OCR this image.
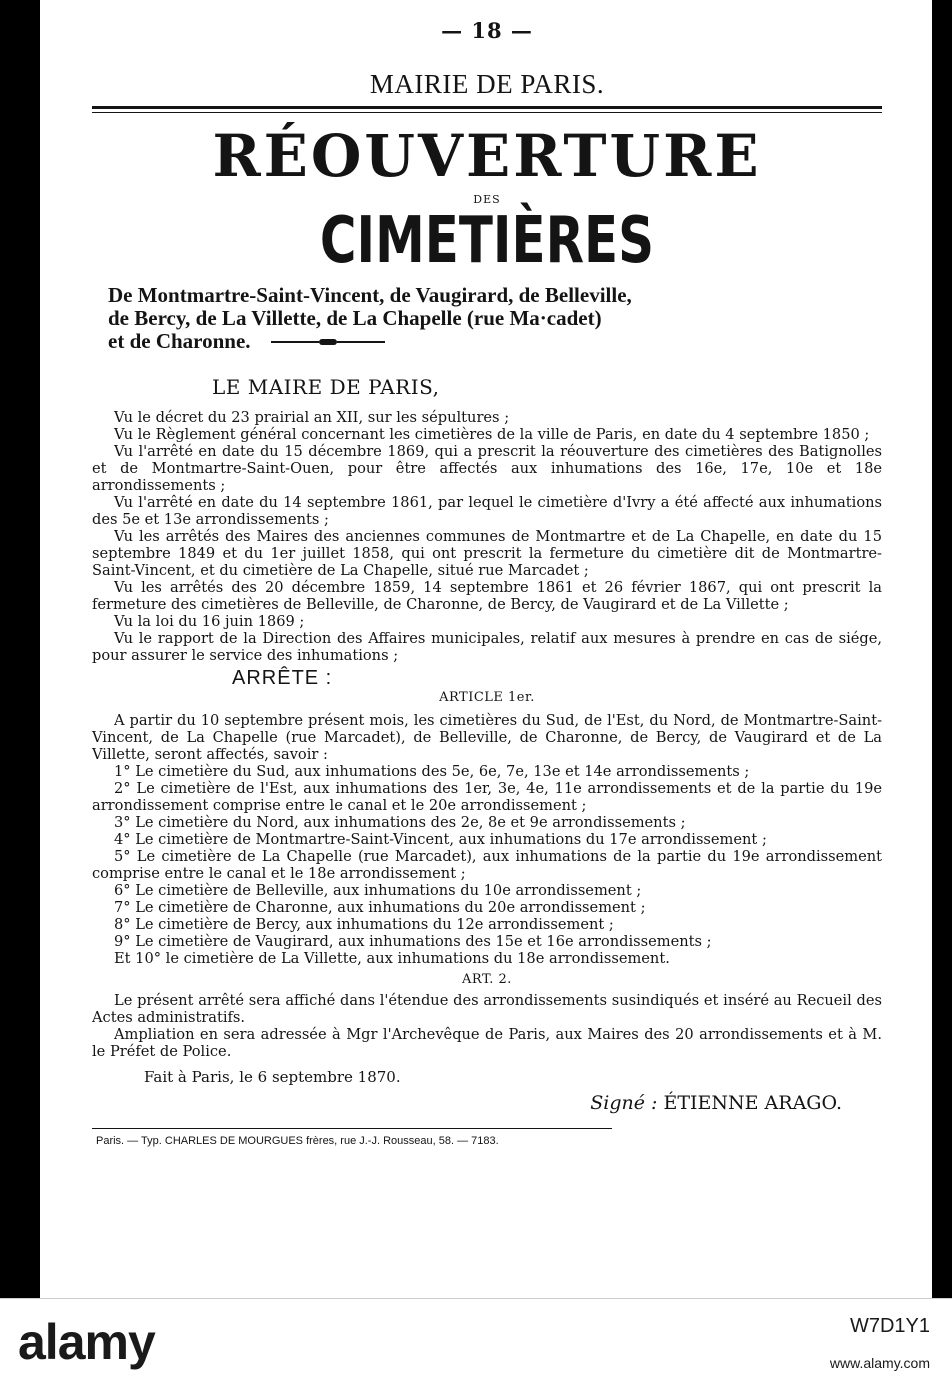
— 18 —
MAIRIE DE PARIS.
RÉOUVERTURE
DES
CIMETIÈRES
De Montmartre-Saint-Vincent, de Vaugirard, de Belleville,
de Bercy, de La Villette, de La Chapelle (rue Ma·cadet)
et de Charonne.
LE MAIRE DE PARIS,

Vu le décret du 23 prairial an XII, sur les sépultures ;

Vu le Règlement général concernant les cimetières de la ville de Paris, en date du 4 septembre 1850 ;

Vu l'arrêté en date du 15 décembre 1869, qui a prescrit la réouverture des cimetières des Batignolles et de Montmartre-Saint-Ouen, pour être affectés aux inhumations des 16e, 17e, 10e et 18e arrondissements ;

Vu l'arrêté en date du 14 septembre 1861, par lequel le cimetière d'Ivry a été affecté aux inhumations des 5e et 13e arrondissements ;

Vu les arrêtés des Maires des anciennes communes de Montmartre et de La Chapelle, en date du 15 septembre 1849 et du 1er juillet 1858, qui ont prescrit la fermeture du cimetière dit de Montmartre-Saint-Vincent, et du cimetière de La Chapelle, situé rue Marcadet ;

Vu les arrêtés des 20 décembre 1859, 14 septembre 1861 et 26 février 1867, qui ont prescrit la fermeture des cimetières de Belleville, de Charonne, de Bercy, de Vaugirard et de La Villette ;

Vu la loi du 16 juin 1869 ;

Vu le rapport de la Direction des Affaires municipales, relatif aux mesures à prendre en cas de siége, pour assurer le service des inhumations ;

ARRÊTE :
ARTICLE 1er.

A partir du 10 septembre présent mois, les cimetières du Sud, de l'Est, du Nord, de Montmartre-Saint-Vincent, de La Chapelle (rue Marcadet), de Belleville, de Charonne, de Bercy, de Vaugirard et de La Villette, seront affectés, savoir :

1° Le cimetière du Sud, aux inhumations des 5e, 6e, 7e, 13e et 14e arrondissements ;

2° Le cimetière de l'Est, aux inhumations des 1er, 3e, 4e, 11e arrondissements et de la partie du 19e arrondissement comprise entre le canal et le 20e arrondissement ;

3° Le cimetière du Nord, aux inhumations des 2e, 8e et 9e arrondissements ;

4° Le cimetière de Montmartre-Saint-Vincent, aux inhumations du 17e arrondissement ;

5° Le cimetière de La Chapelle (rue Marcadet), aux inhumations de la partie du 19e arrondissement comprise entre le canal et le 18e arrondissement ;

6° Le cimetière de Belleville, aux inhumations du 10e arrondissement ;

7° Le cimetière de Charonne, aux inhumations du 20e arrondissement ;

8° Le cimetière de Bercy, aux inhumations du 12e arrondissement ;

9° Le cimetière de Vaugirard, aux inhumations des 15e et 16e arrondissements ;

Et 10° le cimetière de La Villette, aux inhumations du 18e arrondissement.

ART. 2.

Le présent arrêté sera affiché dans l'étendue des arrondissements susindiqués et inséré au Recueil des Actes administratifs.

Ampliation en sera adressée à Mgr l'Archevêque de Paris, aux Maires des 20 arrondissements et à M. le Préfet de Police.

Fait à Paris, le 6 septembre 1870.
Signé : ÉTIENNE ARAGO.
Paris. — Typ. CHARLES DE MOURGUES frères, rue J.-J. Rousseau, 58. — 7183.
alamy	W7D1Y1
www.alamy.com
